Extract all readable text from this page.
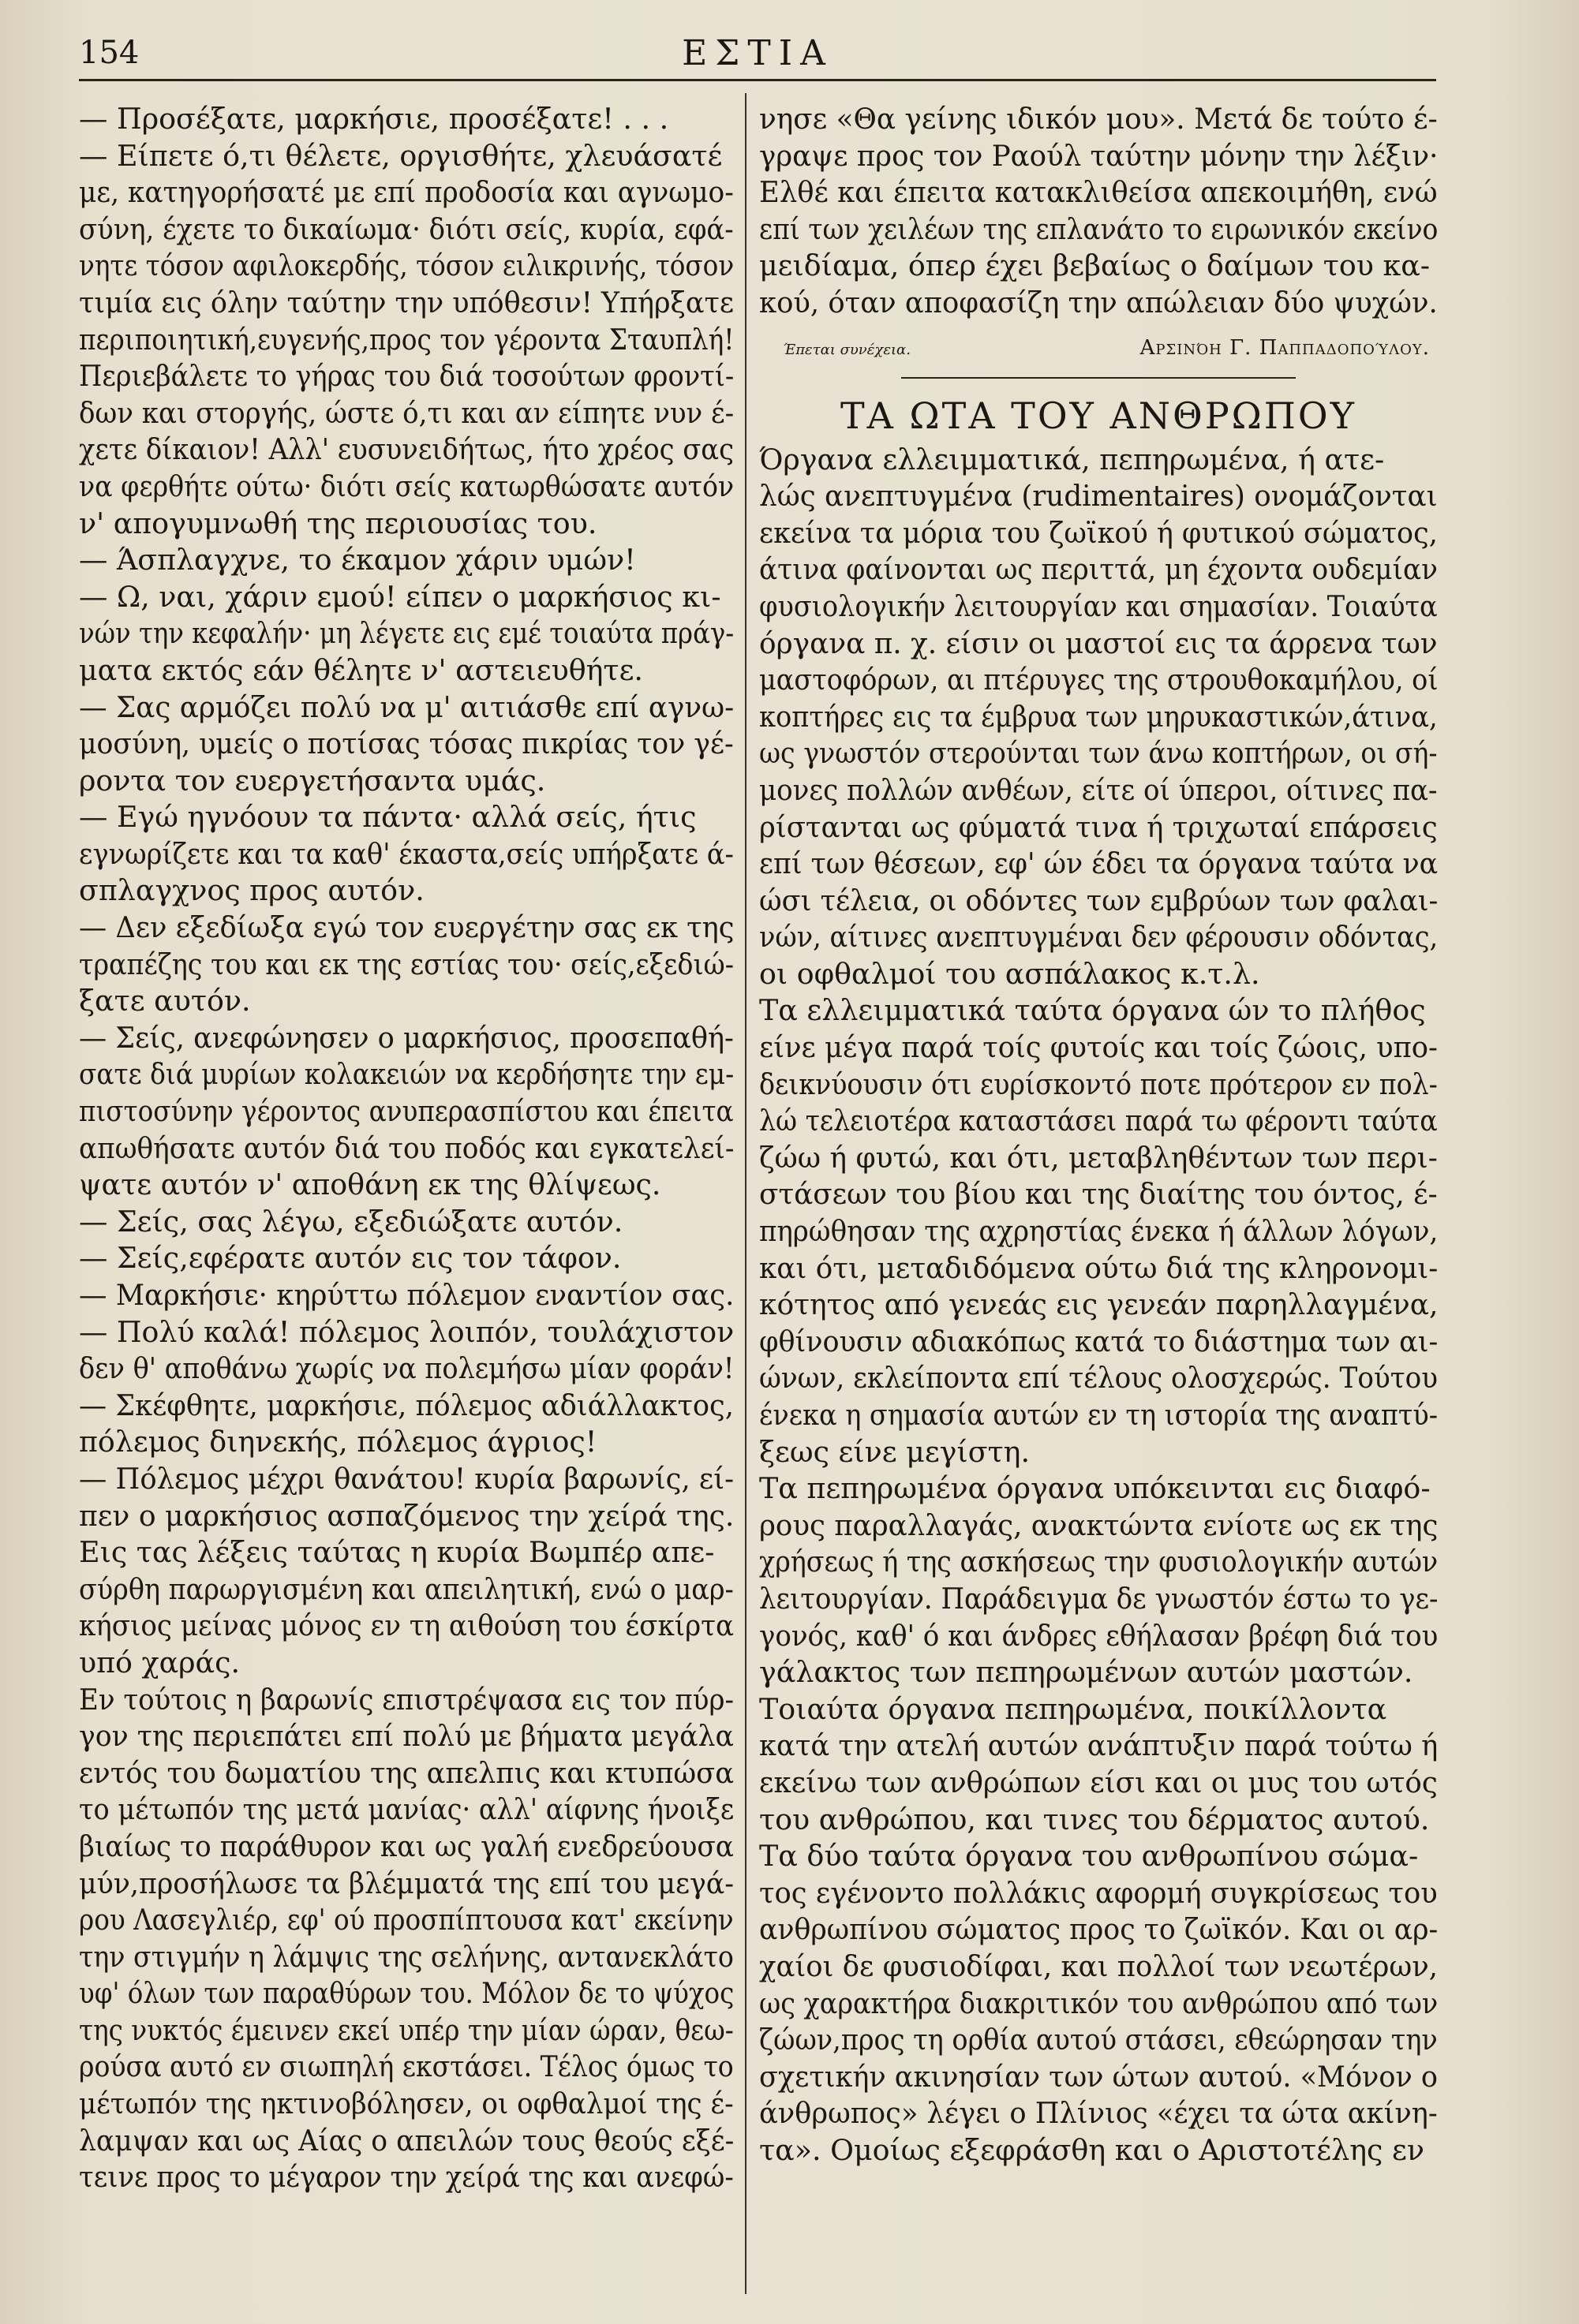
154	ΕΣΤΙΑ
— Προσέξατε, μαρκήσιε, προσέξατε! . . .
— Είπετε ό,τι θέλετε, οργισθήτε, χλευάσατέ
με, κατηγορήσατέ με επί προδοσία και αγνωμο-
σύνη, έχετε το δικαίωμα· διότι σείς, κυρία, εφά-
νητε τόσον αφιλοκερδής, τόσον ειλικρινής, τόσον
τιμία εις όλην ταύτην την υπόθεσιν! Υπήρξατε
περιποιητική,ευγενής,προς τον γέροντα Σταυπλή!
Περιεβάλετε το γήρας του διά τοσούτων φροντί-
δων και στοργής, ώστε ό,τι και αν είπητε νυν έ-
χετε δίκαιον! Αλλ' ευσυνειδήτως, ήτο χρέος σας
να φερθήτε ούτω· διότι σείς κατωρθώσατε αυτόν
ν' απογυμνωθή της περιουσίας του.
— Άσπλαγχνε, το έκαμον χάριν υμών!
— Ω, ναι, χάριν εμού! είπεν ο μαρκήσιος κι-
νών την κεφαλήν· μη λέγετε εις εμέ τοιαύτα πράγ-
ματα εκτός εάν θέλητε ν' αστειευθήτε.
— Σας αρμόζει πολύ να μ' αιτιάσθε επί αγνω-
μοσύνη, υμείς ο ποτίσας τόσας πικρίας τον γέ-
ροντα τον ευεργετήσαντα υμάς.
— Εγώ ηγνόουν τα πάντα· αλλά σείς, ήτις
εγνωρίζετε και τα καθ' έκαστα,σείς υπήρξατε ά-
σπλαγχνος προς αυτόν.
— Δεν εξεδίωξα εγώ τον ευεργέτην σας εκ της
τραπέζης του και εκ της εστίας του· σείς,εξεδιώ-
ξατε αυτόν.
— Σείς, ανεφώνησεν ο μαρκήσιος, προσεπαθή-
σατε διά μυρίων κολακειών να κερδήσητε την εμ-
πιστοσύνην γέροντος ανυπερασπίστου και έπειτα
απωθήσατε αυτόν διά του ποδός και εγκατελεί-
ψατε αυτόν ν' αποθάνη εκ της θλίψεως.
— Σείς, σας λέγω, εξεδιώξατε αυτόν.
— Σείς,εφέρατε αυτόν εις τον τάφον.
— Μαρκήσιε· κηρύττω πόλεμον εναντίον σας.
— Πολύ καλά! πόλεμος λοιπόν, τουλάχιστον
δεν θ' αποθάνω χωρίς να πολεμήσω μίαν φοράν!
— Σκέφθητε, μαρκήσιε, πόλεμος αδιάλλακτος,
πόλεμος διηνεκής, πόλεμος άγριος!
— Πόλεμος μέχρι θανάτου! κυρία βαρωνίς, εί-
πεν ο μαρκήσιος ασπαζόμενος την χείρά της.
Εις τας λέξεις ταύτας η κυρία Βωμπέρ απε-
σύρθη παρωργισμένη και απειλητική, ενώ ο μαρ-
κήσιος μείνας μόνος εν τη αιθούση του έσκίρτα
υπό χαράς.
Εν τούτοις η βαρωνίς επιστρέψασα εις τον πύρ-
γον της περιεπάτει επί πολύ με βήματα μεγάλα
εντός του δωματίου της απελπις και κτυπώσα
το μέτωπόν της μετά μανίας· αλλ' αίφνης ήνοιξε
βιαίως το παράθυρον και ως γαλή ενεδρεύουσα
μύν,προσήλωσε τα βλέμματά της επί του μεγά-
ρου Λασεγλιέρ, εφ' ού προσπίπτουσα κατ' εκείνην
την στιγμήν η λάμψις της σελήνης, αντανεκλάτο
υφ' όλων των παραθύρων του. Μόλον δε το ψύχος
της νυκτός έμεινεν εκεί υπέρ την μίαν ώραν, θεω-
ρούσα αυτό εν σιωπηλή εκστάσει. Τέλος όμως το
μέτωπόν της ηκτινοβόλησεν, οι οφθαλμοί της έ-
λαμψαν και ως Αίας ο απειλών τους θεούς εξέ-
τεινε προς το μέγαρον την χείρά της και ανεφώ-
νησε «Θα γείνης ιδικόν μου». Μετά δε τούτο έ-
γραψε προς τον Ραούλ ταύτην μόνην την λέξιν·
Ελθέ και έπειτα κατακλιθείσα απεκοιμήθη, ενώ
επί των χειλέων της επλανάτο το ειρωνικόν εκείνο
μειδίαμα, όπερ έχει βεβαίως ο δαίμων του κα-
κού, όταν αποφασίζη την απώλειαν δύο ψυχών.
Έπεται συνέχεια.	Αρσινόη Γ. Παππαδοπούλου.
ΤΑ ΩΤΑ ΤΟΥ ΑΝΘΡΩΠΟΥ
Όργανα ελλειμματικά, πεπηρωμένα, ή ατε-
λώς ανεπτυγμένα (rudimentaires) ονομάζονται
εκείνα τα μόρια του ζωϊκού ή φυτικού σώματος,
άτινα φαίνονται ως περιττά, μη έχοντα ουδεμίαν
φυσιολογικήν λειτουργίαν και σημασίαν. Τοιαύτα
όργανα π. χ. είσιν οι μαστοί εις τα άρρενα των
μαστοφόρων, αι πτέρυγες της στρουθοκαμήλου, οί
κοπτήρες εις τα έμβρυα των μηρυκαστικών,άτινα,
ως γνωστόν στερούνται των άνω κοπτήρων, οι σή-
μονες πολλών ανθέων, είτε οί ύπεροι, οίτινες πα-
ρίστανται ως φύματά τινα ή τριχωταί επάρσεις
επί των θέσεων, εφ' ών έδει τα όργανα ταύτα να
ώσι τέλεια, οι οδόντες των εμβρύων των φαλαι-
νών, αίτινες ανεπτυγμέναι δεν φέρουσιν οδόντας,
οι οφθαλμοί του ασπάλακος κ.τ.λ.
Τα ελλειμματικά ταύτα όργανα ών το πλήθος
είνε μέγα παρά τοίς φυτοίς και τοίς ζώοις, υπο-
δεικνύουσιν ότι ευρίσκοντό ποτε πρότερον εν πολ-
λώ τελειοτέρα καταστάσει παρά τω φέροντι ταύτα
ζώω ή φυτώ, και ότι, μεταβληθέντων των περι-
στάσεων του βίου και της διαίτης του όντος, έ-
πηρώθησαν της αχρηστίας ένεκα ή άλλων λόγων,
και ότι, μεταδιδόμενα ούτω διά της κληρονομι-
κότητος από γενεάς εις γενεάν παρηλλαγμένα,
φθίνουσιν αδιακόπως κατά το διάστημα των αι-
ώνων, εκλείποντα επί τέλους ολοσχερώς. Τούτου
ένεκα η σημασία αυτών εν τη ιστορία της αναπτύ-
ξεως είνε μεγίστη.
Τα πεπηρωμένα όργανα υπόκεινται εις διαφό-
ρους παραλλαγάς, ανακτώντα ενίοτε ως εκ της
χρήσεως ή της ασκήσεως την φυσιολογικήν αυτών
λειτουργίαν. Παράδειγμα δε γνωστόν έστω το γε-
γονός, καθ' ό και άνδρες εθήλασαν βρέφη διά του
γάλακτος των πεπηρωμένων αυτών μαστών.
Τοιαύτα όργανα πεπηρωμένα, ποικίλλοντα
κατά την ατελή αυτών ανάπτυξιν παρά τούτω ή
εκείνω των ανθρώπων είσι και οι μυς του ωτός
του ανθρώπου, και τινες του δέρματος αυτού.
Τα δύο ταύτα όργανα του ανθρωπίνου σώμα-
τος εγένοντο πολλάκις αφορμή συγκρίσεως του
ανθρωπίνου σώματος προς το ζωϊκόν. Και οι αρ-
χαίοι δε φυσιοδίφαι, και πολλοί των νεωτέρων,
ως χαρακτήρα διακριτικόν του ανθρώπου από των
ζώων,προς τη ορθία αυτού στάσει, εθεώρησαν την
σχετικήν ακινησίαν των ώτων αυτού. «Μόνον ο
άνθρωπος» λέγει ο Πλίνιος «έχει τα ώτα ακίνη-
τα». Ομοίως εξεφράσθη και ο Αριστοτέλης εν
